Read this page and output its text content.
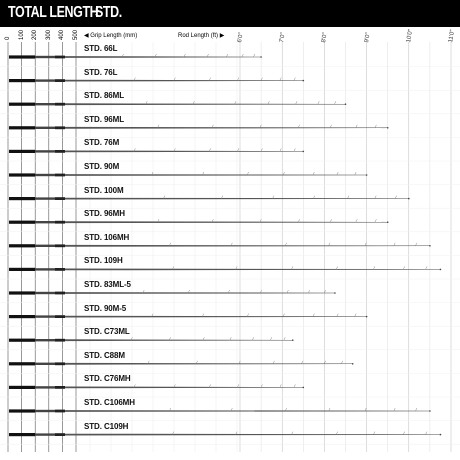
TOTAL LENGTH
STD.
◀ Grip Length (mm)	Rod Length (ft) ▶
0 100 200 300 400 500	6'0"	7'0"	8'0"	9'0"	10'0"	11'0"
STD. 66L
STD. 76L
STD. 86ML
STD. 96ML
STD. 76M
STD. 90M
STD. 100M
STD. 96MH
STD. 106MH
STD. 109H
STD. 83ML-5
STD. 90M-5
STD. C73ML
STD. C88M
STD. C76MH
STD. C106MH
STD. C109H
